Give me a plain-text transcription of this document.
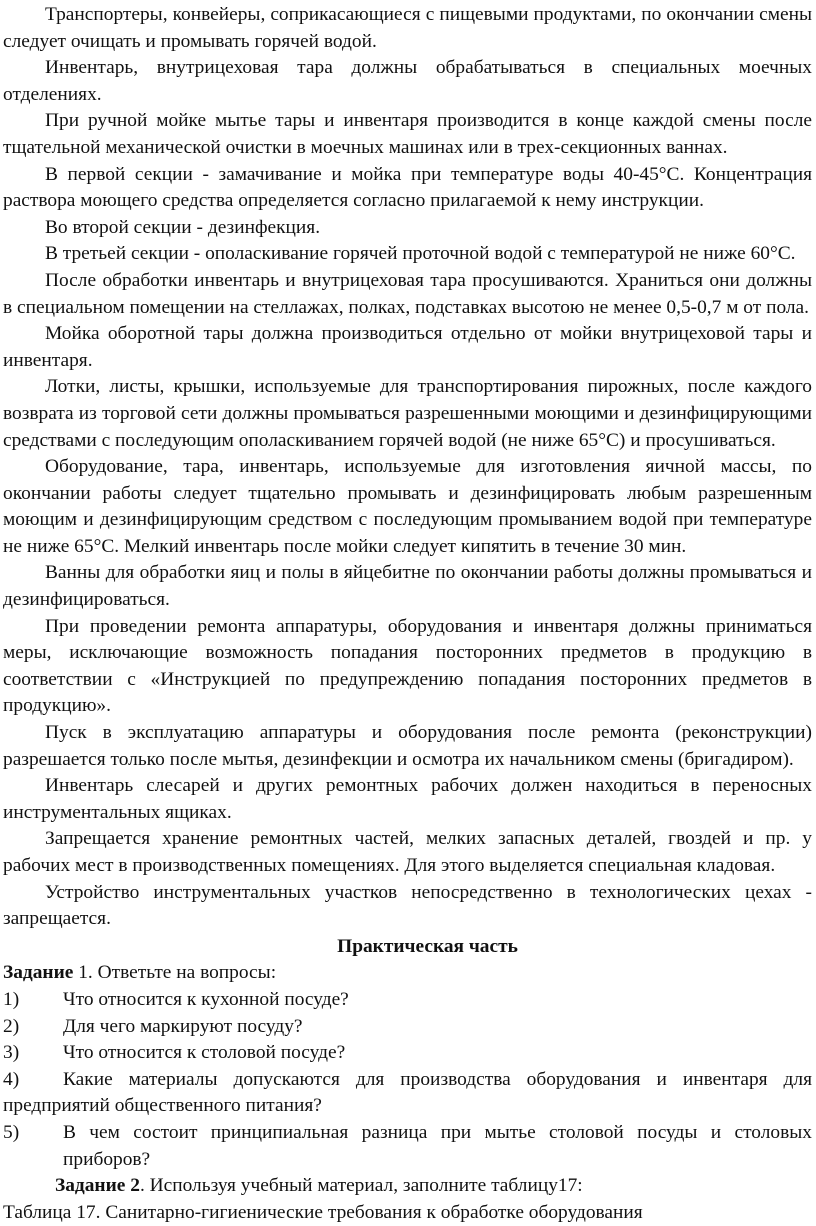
Транспортеры, конвейеры, соприкасающиеся с пищевыми продуктами, по окончании смены следует очищать и промывать горячей водой.

Инвентарь, внутрицеховая тара должны обрабатываться в специальных моечных отделениях.

При ручной мойке мытье тары и инвентаря производится в конце каждой смены после тщательной механической очистки в моечных машинах или в трех-секционных ваннах.

В первой секции - замачивание и мойка при температуре воды 40-45°С. Концентрация раствора моющего средства определяется согласно прилагаемой к нему инструкции.

Во второй секции - дезинфекция.

В третьей секции - ополаскивание горячей проточной водой с температурой не ниже 60°С.

После обработки инвентарь и внутрицеховая тара просушиваются. Храниться они должны в специальном помещении на стеллажах, полках, подставках высотою не менее 0,5-0,7 м от пола.

Мойка оборотной тары должна производиться отдельно от мойки внутрицеховой тары и инвентаря.

Лотки, листы, крышки, используемые для транспортирования пирожных, после каждого возврата из торговой сети должны промываться разрешенными моющими и дезинфицирующими средствами с последующим ополаскиванием горячей водой (не ниже 65°С) и просушиваться.

Оборудование, тара, инвентарь, используемые для изготовления яичной массы, по окончании работы следует тщательно промывать и дезинфицировать любым разрешенным моющим и дезинфицирующим средством с последующим промыванием водой при температуре не ниже 65°С. Мелкий инвентарь после мойки следует кипятить в течение 30 мин.

Ванны для обработки яиц и полы в яйцебитне по окончании работы должны промываться и дезинфицироваться.

При проведении ремонта аппаратуры, оборудования и инвентаря должны приниматься меры, исключающие возможность попадания посторонних предметов в продукцию в соответствии с «Инструкцией по предупреждению попадания посторонних предметов в продукцию».

Пуск в эксплуатацию аппаратуры и оборудования после ремонта (реконструкции) разрешается только после мытья, дезинфекции и осмотра их начальником смены (бригадиром).

Инвентарь слесарей и других ремонтных рабочих должен находиться в переносных инструментальных ящиках.

Запрещается хранение ремонтных частей, мелких запасных деталей, гвоздей и пр. у рабочих мест в производственных помещениях. Для этого выделяется специальная кладовая.

Устройство инструментальных участков непосредственно в технологических цехах - запрещается.

Практическая часть

Задание 1. Ответьте на вопросы:

1)	Что относится к кухонной посуде?
2)	Для чего маркируют посуду?
3)	Что относится к столовой посуде?
4)	Какие материалы допускаются для производства оборудования и инвентаря для

предприятий общественного питания?

5)	В чем состоит принципиальная разница при мытье столовой посуды и столовых приборов?

Задание 2. Используя учебный материал, заполните таблицу17:

Таблица 17. Санитарно-гигиенические требования к обработке оборудования
